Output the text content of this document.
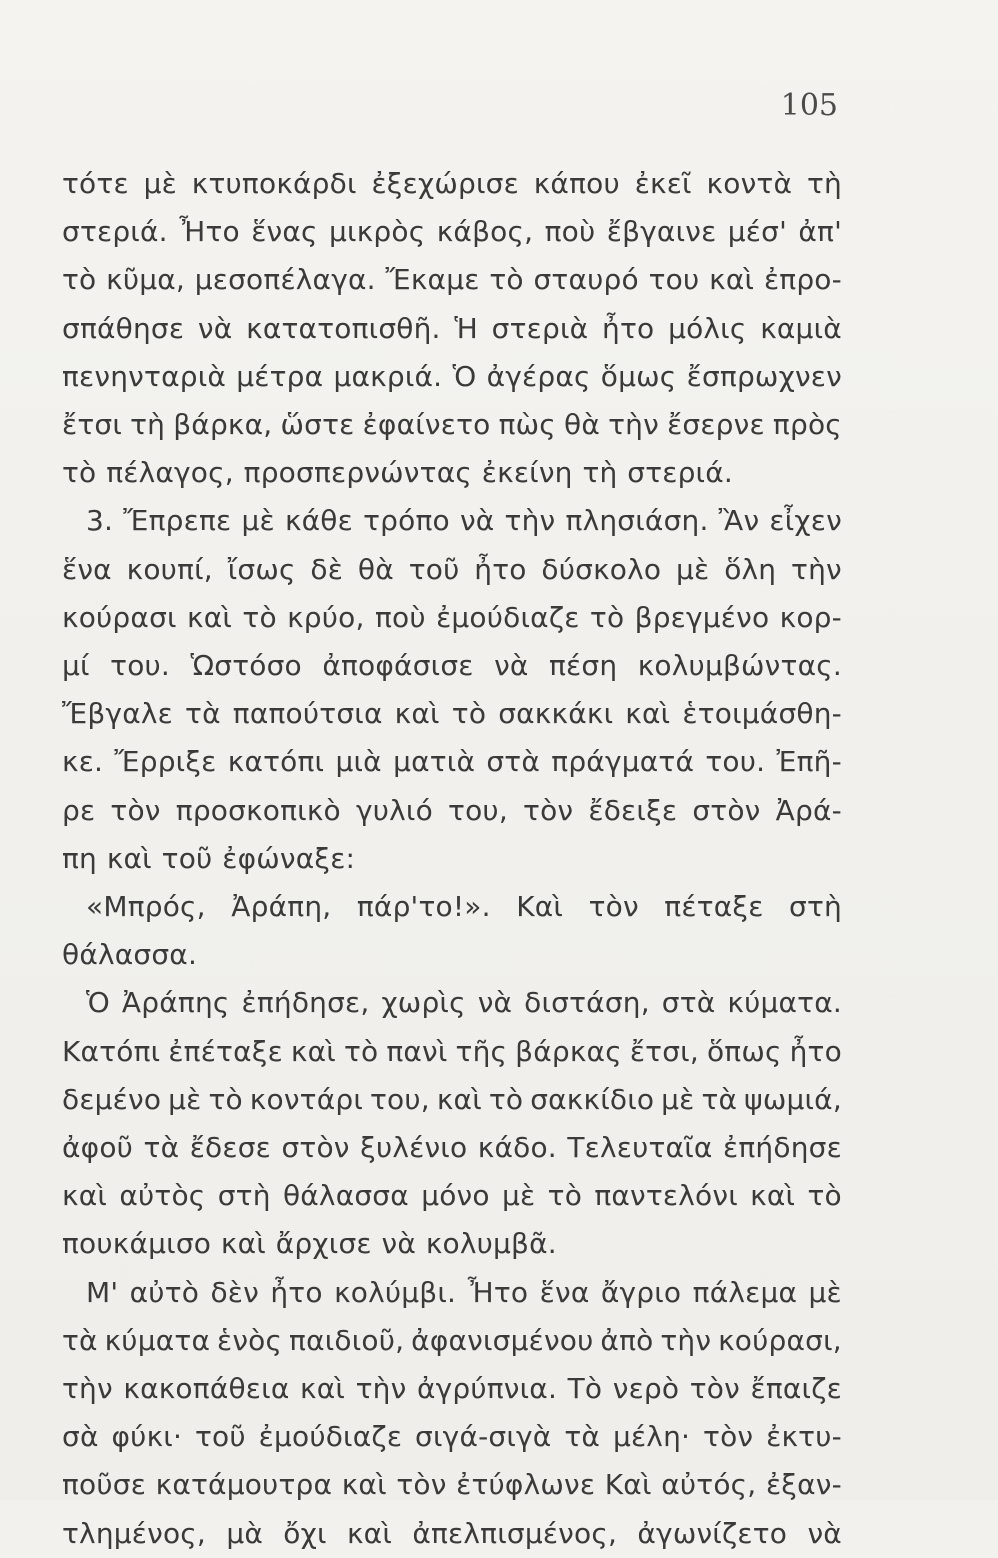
105
τότε μὲ κτυποκάρδι ἐξεχώρισε κάπου ἐκεῖ κοντὰ τὴ
στεριά. Ἦτο ἕνας μικρὸς κάβος, ποὺ ἔβγαινε μέσ' ἀπ'
τὸ κῦμα, μεσοπέλαγα. Ἔκαμε τὸ σταυρό του καὶ ἐπρο-
σπάθησε νὰ κατατοπισθῆ. Ἡ στεριὰ ἦτο μόλις καμιὰ
πενηνταριὰ μέτρα μακριά. Ὁ ἀγέρας ὅμως ἔσπρωχνεν
ἔτσι τὴ βάρκα, ὥστε ἐφαίνετο πὼς θὰ τὴν ἔσερνε πρὸς
τὸ πέλαγος, προσπερνώντας ἐκείνη τὴ στεριά.
3. Ἔπρεπε μὲ κάθε τρόπο νὰ τὴν πλησιάση. Ἂν εἶχεν
ἕνα κουπί, ἴσως δὲ θὰ τοῦ ἦτο δύσκολο μὲ ὅλη τὴν
κούρασι καὶ τὸ κρύο, ποὺ ἐμούδιαζε τὸ βρεγμένο κορ-
μί του. Ὡστόσο ἀποφάσισε νὰ πέση κολυμβώντας.
Ἔβγαλε τὰ παπούτσια καὶ τὸ σακκάκι καὶ ἑτοιμάσθη-
κε. Ἔρριξε κατόπι μιὰ ματιὰ στὰ πράγματά του. Ἐπῆ-
ρε τὸν προσκοπικὸ γυλιό του, τὸν ἔδειξε στὸν Ἀρά-
πη καὶ τοῦ ἐφώναξε:
«Μπρός, Ἀράπη, πάρ'το!». Καὶ τὸν πέταξε στὴ
θάλασσα.
Ὁ Ἀράπης ἐπήδησε, χωρὶς νὰ διστάση, στὰ κύματα.
Κατόπι ἐπέταξε καὶ τὸ πανὶ τῆς βάρκας ἔτσι, ὅπως ἦτο
δεμένο μὲ τὸ κοντάρι του, καὶ τὸ σακκίδιο μὲ τὰ ψωμιά,
ἀφοῦ τὰ ἔδεσε στὸν ξυλένιο κάδο. Τελευταῖα ἐπήδησε
καὶ αὐτὸς στὴ θάλασσα μόνο μὲ τὸ παντελόνι καὶ τὸ
πουκάμισο καὶ ἄρχισε νὰ κολυμβᾶ.
Μ' αὐτὸ δὲν ἦτο κολύμβι. Ἦτο ἕνα ἄγριο πάλεμα μὲ
τὰ κύματα ἑνὸς παιδιοῦ, ἀφανισμένου ἀπὸ τὴν κούρασι,
τὴν κακοπάθεια καὶ τὴν ἀγρύπνια. Τὸ νερὸ τὸν ἔπαιζε
σὰ φύκι· τοῦ ἐμούδιαζε σιγά-σιγὰ τὰ μέλη· τὸν ἐκτυ-
ποῦσε κατάμουτρα καὶ τὸν ἐτύφλωνε Καὶ αὐτός, ἐξαν-
τλημένος, μὰ ὄχι καὶ ἀπελπισμένος, ἀγωνίζετο νὰ
